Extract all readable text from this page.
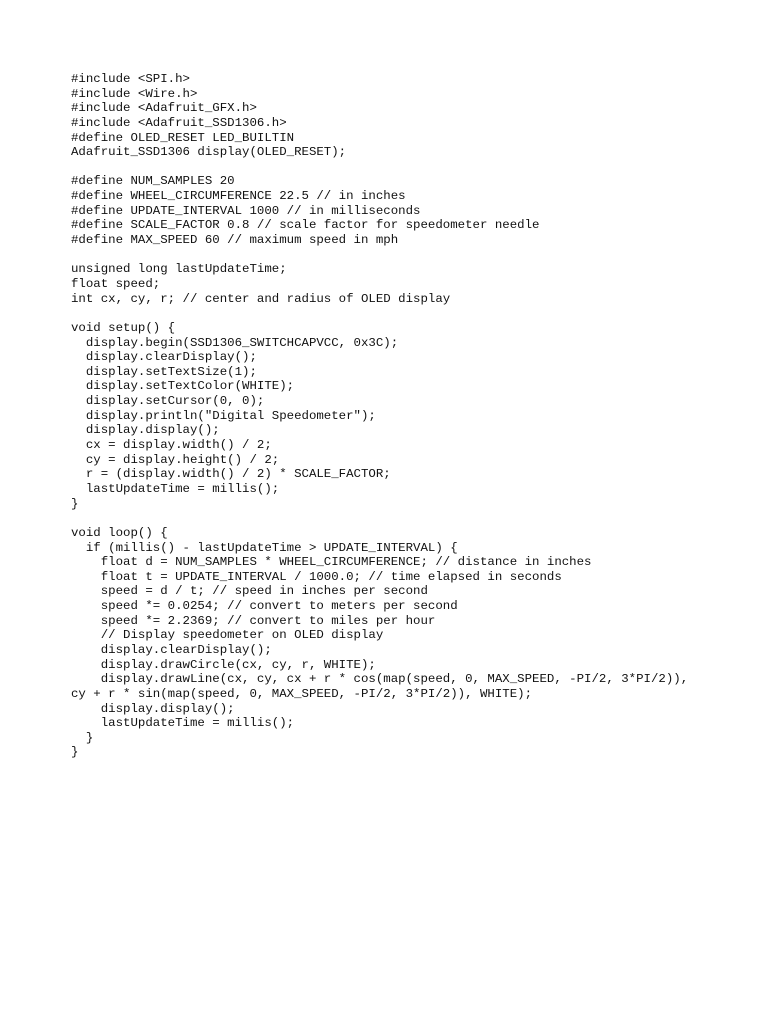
#include <SPI.h>
#include <Wire.h>
#include <Adafruit_GFX.h>
#include <Adafruit_SSD1306.h>
#define OLED_RESET LED_BUILTIN
Adafruit_SSD1306 display(OLED_RESET);
#define NUM_SAMPLES 20
#define WHEEL_CIRCUMFERENCE 22.5 // in inches
#define UPDATE_INTERVAL 1000 // in milliseconds
#define SCALE_FACTOR 0.8 // scale factor for speedometer needle
#define MAX_SPEED 60 // maximum speed in mph
unsigned long lastUpdateTime;
float speed;
int cx, cy, r; // center and radius of OLED display
void setup() {
display.begin(SSD1306_SWITCHCAPVCC, 0x3C);
display.clearDisplay();
display.setTextSize(1);
display.setTextColor(WHITE);
display.setCursor(0, 0);
display.println("Digital Speedometer");
display.display();
cx = display.width() / 2;
cy = display.height() / 2;
r = (display.width() / 2) * SCALE_FACTOR;
lastUpdateTime = millis();
}
void loop() {
if (millis() - lastUpdateTime > UPDATE_INTERVAL) {
float d = NUM_SAMPLES * WHEEL_CIRCUMFERENCE; // distance in inches
float t = UPDATE_INTERVAL / 1000.0; // time elapsed in seconds
speed = d / t; // speed in inches per second
speed *= 0.0254; // convert to meters per second
speed *= 2.2369; // convert to miles per hour
// Display speedometer on OLED display
display.clearDisplay();
display.drawCircle(cx, cy, r, WHITE);
display.drawLine(cx, cy, cx + r * cos(map(speed, 0, MAX_SPEED, -PI/2, 3*PI/2)),
cy + r * sin(map(speed, 0, MAX_SPEED, -PI/2, 3*PI/2)), WHITE);
display.display();
lastUpdateTime = millis();
}
}
